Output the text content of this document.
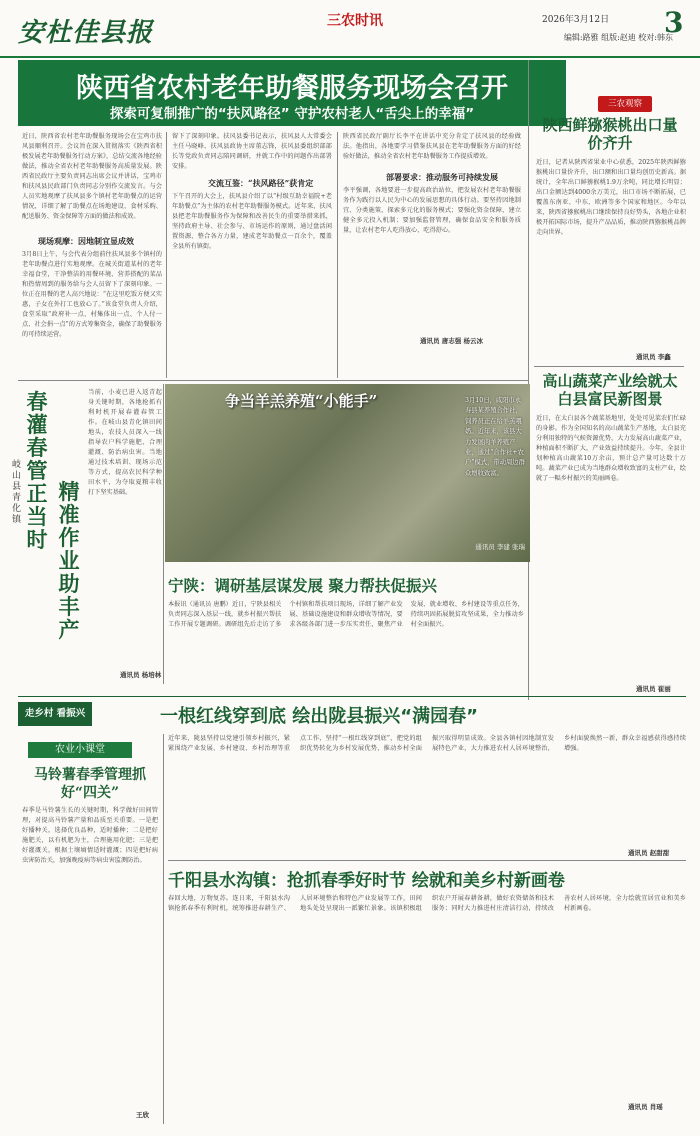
安杜佳县报	三农时讯	2026年3月12日 3
编辑:路雅 组版:赵迪 校对:韩东
陕西省农村老年助餐服务现场会召开
探索可复制推广的“扶风路径” 守护农村老人“舌尖上的幸福”
近日，陕西省农村老年助餐服务现场会在宝鸡市扶风县顺利召开。会议旨在深入贯彻落实《陕西省积极发展老年助餐服务行动方案》，总结交流各地经验做法，推动全省农村老年助餐服务高质量发展。陕西省民政厅主要负责同志出席会议并讲话，宝鸡市和扶风县民政部门负责同志分别作交流发言。与会人员实地观摩了扶风县多个镇村老年助餐点的运营情况，详细了解了助餐点在场地建设、食材采购、配送服务、资金保障等方面的做法和成效。
现场观摩：因地制宜显成效
3月8日上午，与会代表分组前往扶风县多个镇村的老年助餐点进行实地观摩。在城关街道某村的老年幸福食堂，干净整洁的用餐环境、营养搭配的菜品和热情周到的服务给与会人员留下了深刻印象。一位正在用餐的老人高兴地说：“在这里吃饭方便又实惠，子女在外打工也放心了。”该食堂负责人介绍，食堂采取“政府补一点、村集体出一点、个人付一点、社会捐一点”的方式筹集资金，确保了助餐服务的可持续运营。
留下了深刻印象。扶风县委书记表示，扶风县人大常委会主任马晓峰、扶风县政协主席董志锋，扶风县委组织部部长等党政负责同志陪同调研，并就工作中的问题作出部署安排。
交流互鉴：“扶风路径”获肯定
下午召开的大会上，扶风县介绍了以“村级互助幸福院+老年助餐点”为主体的农村老年助餐服务模式。近年来，扶风县把老年助餐服务作为保障和改善民生的重要举措来抓，坚持政府主导、社会参与、市场运作的原则，通过盘活闲置资源、整合各方力量，建成老年助餐点一百余个，覆盖全县所有镇街。
陕西省民政厅副厅长李平在讲话中充分肯定了扶风县的经验做法。他指出，各地要学习借鉴扶风县在老年助餐服务方面的好经验好做法，推动全省农村老年助餐服务工作提质增效。
部署要求：推动服务可持续发展
李平强调，各地要进一步提高政治站位，把发展农村老年助餐服务作为践行以人民为中心的发展思想的具体行动。要坚持因地制宜、分类施策，探索多元化的服务模式；要强化资金保障，建立健全多元投入机制；要加强监督管理，确保食品安全和服务质量，让农村老年人吃得放心、吃得舒心。
通讯员 唐志强 杨云冰
三农观察
陕西鲜猕猴桃出口量价齐升
近日，记者从陕西省果业中心获悉，2025年陕西鲜猕猴桃出口量价齐升，出口额和出口量均创历史新高。据统计，全年出口鲜猕猴桃1.9万余吨，同比增长明显；出口金额达到4000余万美元，出口市场不断拓展，已覆盖东南亚、中东、欧洲等多个国家和地区。今年以来，陕西省猕猴桃出口继续保持良好势头，各地企业积极开拓国际市场，提升产品品质，推动陕西猕猴桃品牌走向世界。
通讯员 李鑫
高山蔬菜产业绘就太白县富民新图景
近日，在太白县各个蔬菜基地里，处处可见菜农们忙碌的身影。作为全国知名的高山蔬菜生产基地，太白县充分利用独特的气候资源优势，大力发展高山蔬菜产业，种植面积不断扩大，产业效益持续提升。今年，全县计划种植高山蔬菜10万余亩，预计总产量可达数十万吨。蔬菜产业已成为当地群众增收致富的支柱产业，绘就了一幅乡村振兴的美丽画卷。
通讯员 崔丽
争当羊羔养殖“小能手”	3月10日，咸阳市永寿县某养殖合作社，饲养员正在给羊羔喂奶。近年来，该县大力发展肉羊养殖产业，通过“合作社+农户”模式，带动周边群众增收致富。
通讯员 李建 张瑞
春灌春管正当时
精准作业助丰产
岐山县青化镇
当前，小麦已进入返青起身关键时期，各地抢抓有利时机开展春灌春管工作。在岐山县青化镇田间地头，农技人员深入一线指导农户科学施肥、合理灌溉、防治病虫害。当地通过技术培训、现场示范等方式，提高农民科学种田水平，为夺取夏粮丰收打下坚实基础。
通讯员 杨培林
宁陕：调研基层谋发展 聚力帮扶促振兴
本报讯（通讯员 唐鹏）近日，宁陕县相关负责同志深入基层一线，就乡村振兴帮扶工作开展专题调研。调研组先后走访了多个村镇和帮扶项目现场，详细了解产业发展、基础设施建设和群众增收等情况，要求各级各部门进一步压实责任，聚焦产业发展、就业增收、乡村建设等重点任务，持续巩固拓展脱贫攻坚成果，全力推动乡村全面振兴。
走乡村 看振兴	一根红线穿到底 绘出陇县振兴“满园春”
近年来，陇县坚持以党建引领乡村振兴，紧紧围绕产业发展、乡村建设、乡村治理等重点工作，坚持“一根红线穿到底”，把党的组织优势转化为乡村发展优势，推动乡村全面振兴取得明显成效。全县各镇村因地制宜发展特色产业，大力推进农村人居环境整治，乡村面貌焕然一新，群众幸福感获得感持续增强。
通讯员 赵甜甜
农业小课堂
马铃薯春季管理抓好“四关”
春季是马铃薯生长的关键时期，科学做好田间管理，对提高马铃薯产量和品质至关重要。一是把好播种关，选择优良品种，适时播种；二是把好施肥关，以有机肥为主，合理施用化肥；三是把好灌溉关，根据土壤墒情适时灌溉；四是把好病虫害防治关，加强晚疫病等病虫害监测防治。
王欣
千阳县水沟镇：抢抓春季好时节 绘就和美乡村新画卷
春回大地，万物复苏。连日来，千阳县水沟镇抢抓春季有利时机，统筹推进春耕生产、人居环境整治和特色产业发展等工作，田间地头处处呈现出一派繁忙景象。该镇积极组织农户开展春耕备耕，做好农资储备和技术服务；同时大力推进村庄清洁行动，持续改善农村人居环境，全力绘就宜居宜业和美乡村新画卷。
通讯员 肖瑶
